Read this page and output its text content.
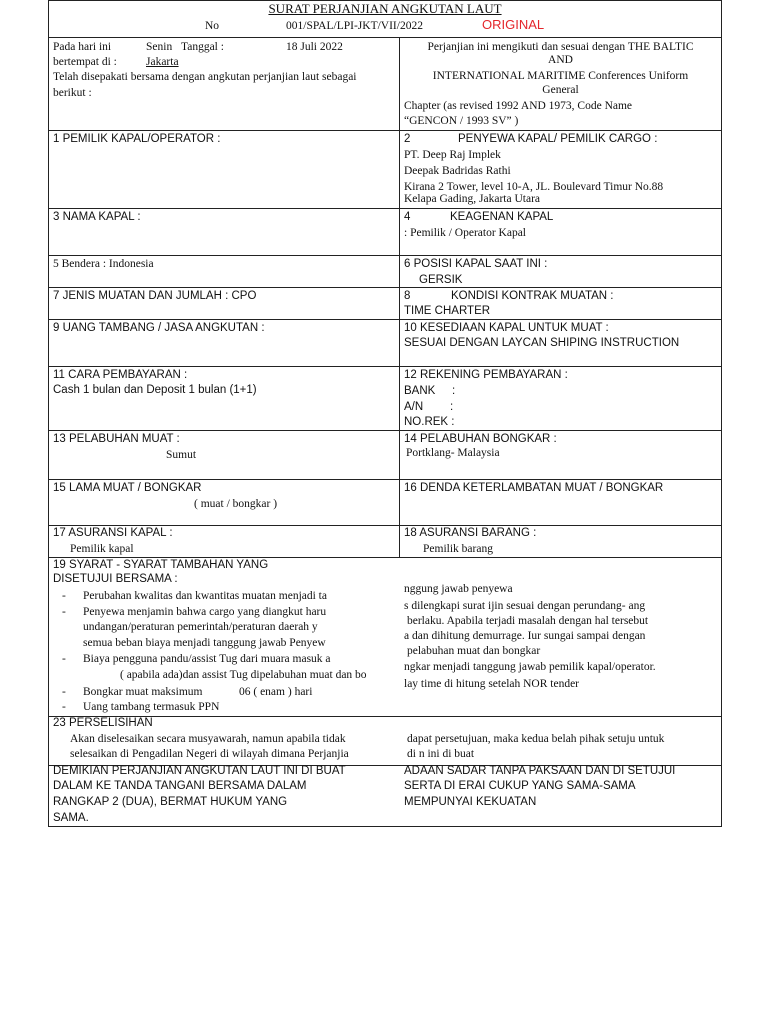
SURAT PERJANJIAN ANGKUTAN LAUT
No	001/SPAL/LPI-JKT/VII/2022	ORIGINAL
Pada hari ini	Senin Tanggal :	18 Juli 2022
bertempat di :	Jakarta
Telah disepakati bersama dengan angkutan perjanjian laut sebagai
berikut :
Perjanjian ini mengikuti dan sesuai dengan THE BALTIC
AND
INTERNATIONAL MARITIME Conferences Uniform
General
Chapter (as revised 1992 AND 1973, Code Name
“GENCON / 1993 SV” )
1 PEMILIK KAPAL/OPERATOR :	2	PENYEWA KAPAL/ PEMILIK CARGO :
PT. Deep Raj Implek
Deepak Badridas Rathi
Kirana 2 Tower, level 10-A, JL. Boulevard Timur No.88
Kelapa Gading, Jakarta Utara
3 NAMA KAPAL :	4	KEAGENAN KAPAL
: Pemilik / Operator Kapal
5 Bendera : Indonesia	6 POSISI KAPAL SAAT INI :
GERSIK
7 JENIS MUATAN DAN JUMLAH : CPO	8	KONDISI KONTRAK MUATAN :
TIME CHARTER
9 UANG TAMBANG / JASA ANGKUTAN :	10 KESEDIAAN KAPAL UNTUK MUAT :
SESUAI DENGAN LAYCAN SHIPING INSTRUCTION
11 CARA PEMBAYARAN :
Cash 1 bulan dan Deposit 1 bulan (1+1)
12 REKENING PEMBAYARAN :
BANK :
A/N :
NO.REK :
13 PELABUHAN MUAT :
Sumut
14 PELABUHAN BONGKAR :
Portklang- Malaysia
15 LAMA MUAT / BONGKAR
( muat / bongkar )
16 DENDA KETERLAMBATAN MUAT / BONGKAR
17 ASURANSI KAPAL :
Pemilik kapal
18 ASURANSI BARANG :
Pemilik barang
19 SYARAT - SYARAT TAMBAHAN YANG
DISETUJUI BERSAMA :
- Perubahan kwalitas dan kwantitas muatan menjadi ta
- Penyewa menjamin bahwa cargo yang diangkut haru
undangan/peraturan pemerintah/peraturan daerah y
semua beban biaya menjadi tanggung jawab Penyew
- Biaya pengguna pandu/assist Tug dari muara masuk a
( apabila ada)dan assist Tug dipelabuhan muat dan bo
- Bongkar muat maksimum	06 ( enam ) hari
- Uang tambang termasuk PPN
nggung jawab penyewa
s dilengkapi surat ijin sesuai dengan perundang- ang
berlaku. Apabila terjadi masalah dengan hal tersebut
a dan dihitung demurrage. Iur sungai sampai dengan
pelabuhan muat dan bongkar
ngkar menjadi tanggung jawab pemilik kapal/operator.
lay time di hitung setelah NOR tender
23 PERSELISIHAN
Akan diselesaikan secara musyawarah, namun apabila tidak
selesaikan di Pengadilan Negeri di wilayah dimana Perjanjia
dapat persetujuan, maka kedua belah pihak setuju untuk
di n ini di buat
DEMIKIAN PERJANJIAN ANGKUTAN LAUT INI DI BUAT
DALAM KE TANDA TANGANI BERSAMA DALAM
RANGKAP 2 (DUA), BERMAT HUKUM YANG
SAMA.
ADAAN SADAR TANPA PAKSAAN DAN DI SETUJUI
SERTA DI ERAI CUKUP YANG SAMA-SAMA
MEMPUNYAI KEKUATAN
